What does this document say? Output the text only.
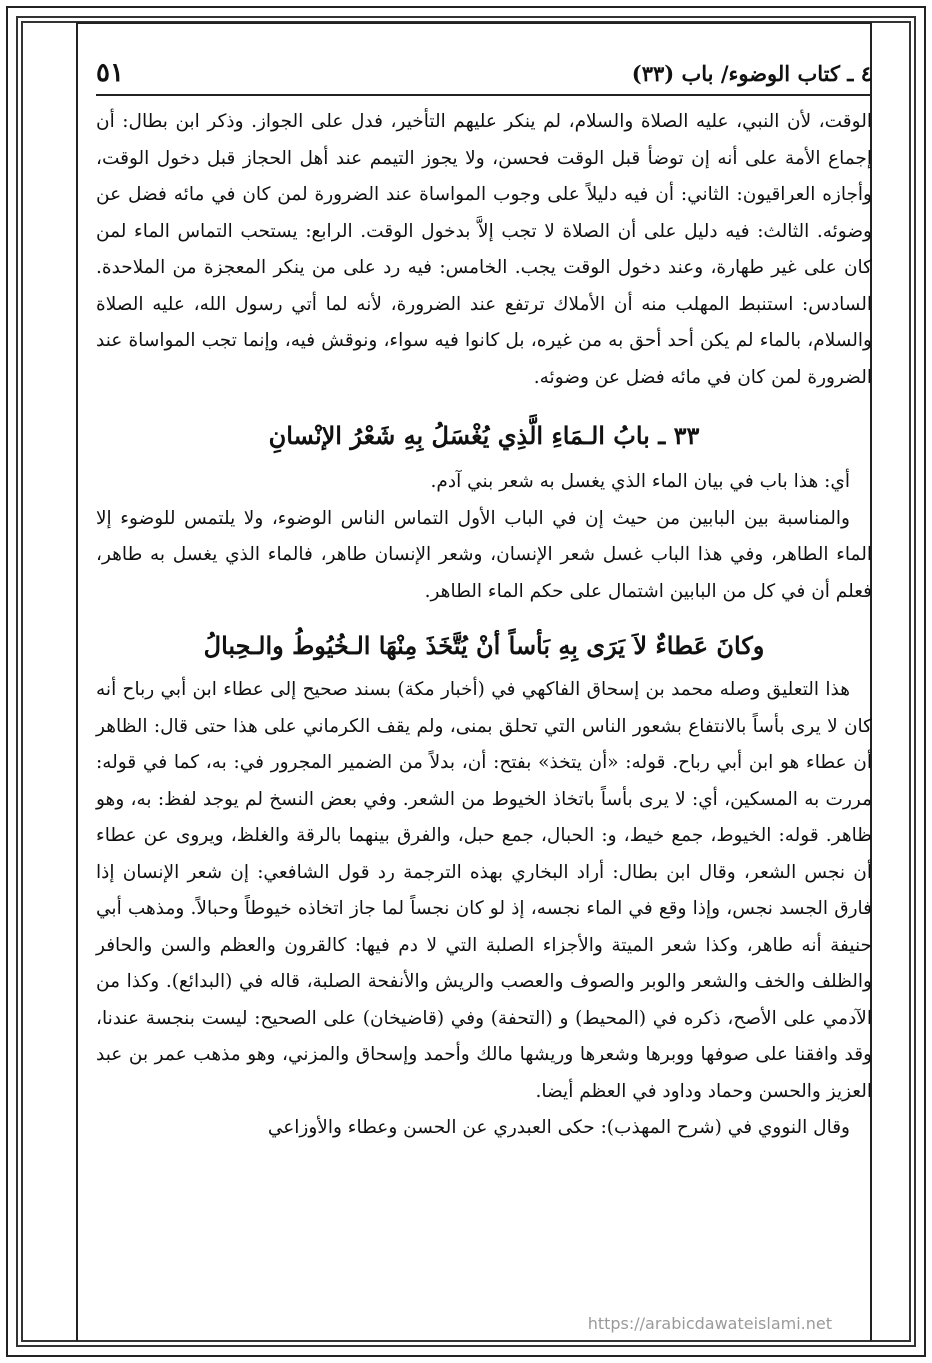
٤ ـ كتاب الوضوء/ باب (٣٣)
٥١

الوقت، لأن النبي، عليه الصلاة والسلام، لم ينكر عليهم التأخير، فدل على الجواز. وذكر ابن بطال: أن إجماع الأمة على أنه إن توضأ قبل الوقت فحسن، ولا يجوز التيمم عند أهل الحجاز قبل دخول الوقت، وأجازه العراقيون: الثاني: أن فيه دليلاً على وجوب المواساة عند الضرورة لمن كان في مائه فضل عن وضوئه. الثالث: فيه دليل على أن الصلاة لا تجب إلاَّ بدخول الوقت. الرابع: يستحب التماس الماء لمن كان على غير طهارة، وعند دخول الوقت يجب. الخامس: فيه رد على من ينكر المعجزة من الملاحدة. السادس: استنبط المهلب منه أن الأملاك ترتفع عند الضرورة، لأنه لما أتي رسول الله، عليه الصلاة والسلام، بالماء لم يكن أحد أحق به من غيره، بل كانوا فيه سواء، ونوقش فيه، وإنما تجب المواساة عند الضرورة لمن كان في مائه فضل عن وضوئه.

٣٣ ـ بابُ الـمَاءِ الَّذِي يُغْسَلُ بِهِ شَعْرُ الإنْسانِ

أي: هذا باب في بيان الماء الذي يغسل به شعر بني آدم.

والمناسبة بين البابين من حيث إن في الباب الأول التماس الناس الوضوء، ولا يلتمس للوضوء إلا الماء الطاهر، وفي هذا الباب غسل شعر الإنسان، وشعر الإنسان طاهر، فالماء الذي يغسل به طاهر، فعلم أن في كل من البابين اشتمال على حكم الماء الطاهر.

وكانَ عَطاءٌ لاَ يَرَى بِهِ بَأساً أنْ يُتَّخَذَ مِنْهَا الـخُيُوطُ والـحِبالُ

هذا التعليق وصله محمد بن إسحاق الفاكهي في (أخبار مكة) بسند صحيح إلى عطاء ابن أبي رباح أنه كان لا يرى بأساً بالانتفاع بشعور الناس التي تحلق بمنى، ولم يقف الكرماني على هذا حتى قال: الظاهر أن عطاء هو ابن أبي رباح. قوله: «أن يتخذ» بفتح: أن، بدلاً من الضمير المجرور في: به، كما في قوله: مررت به المسكين، أي: لا يرى بأساً باتخاذ الخيوط من الشعر. وفي بعض النسخ لم يوجد لفظ: به، وهو ظاهر. قوله: الخيوط، جمع خيط، و: الحبال، جمع حبل، والفرق بينهما بالرقة والغلظ، ويروى عن عطاء أن نجس الشعر، وقال ابن بطال: أراد البخاري بهذه الترجمة رد قول الشافعي: إن شعر الإنسان إذا فارق الجسد نجس، وإذا وقع في الماء نجسه، إذ لو كان نجساً لما جاز اتخاذه خيوطاً وحبالاً. ومذهب أبي حنيفة أنه طاهر، وكذا شعر الميتة والأجزاء الصلبة التي لا دم فيها: كالقرون والعظم والسن والحافر والظلف والخف والشعر والوبر والصوف والعصب والريش والأنفحة الصلبة، قاله في (البدائع). وكذا من الآدمي على الأصح، ذكره في (المحيط) و (التحفة) وفي (قاضيخان) على الصحيح: ليست بنجسة عندنا، وقد وافقنا على صوفها ووبرها وشعرها وريشها مالك وأحمد وإسحاق والمزني، وهو مذهب عمر بن عبد العزيز والحسن وحماد وداود في العظم أيضا.

وقال النووي في (شرح المهذب): حكى العبدري عن الحسن وعطاء والأوزاعي

https://arabicdawateislami.net
